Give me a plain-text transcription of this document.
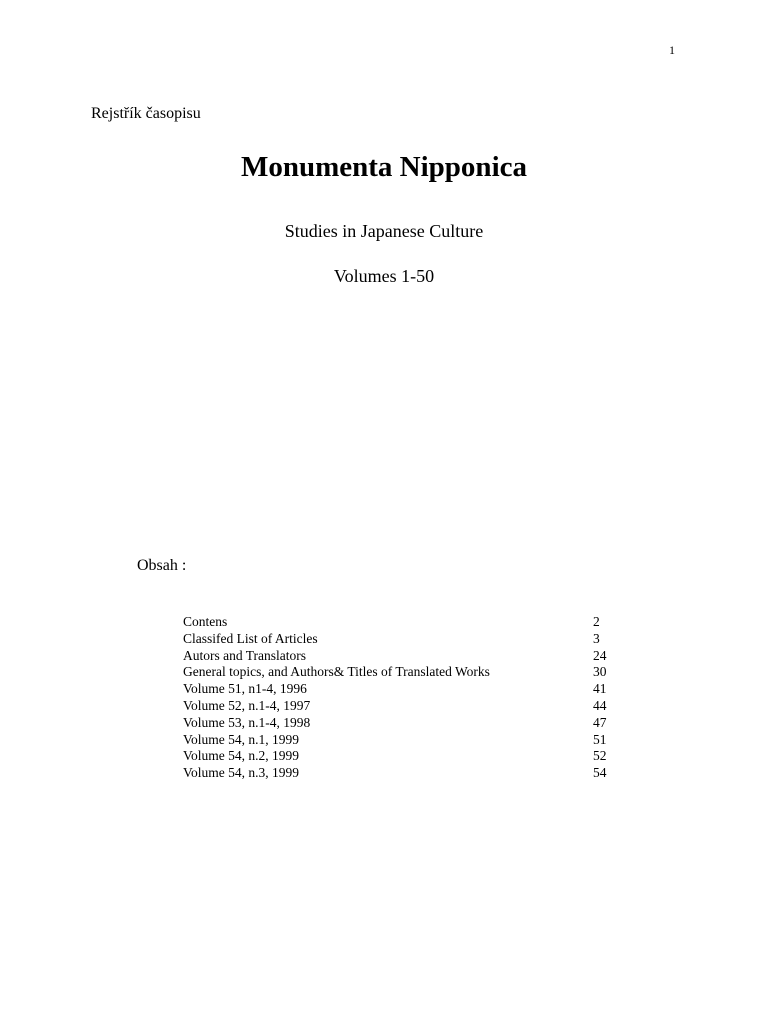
1
Rejstřík časopisu
Monumenta Nipponica
Studies in Japanese Culture
Volumes 1-50
Obsah :
Contens	2
Classifed List of Articles	3
Autors and Translators	24
General topics, and Authors& Titles of Translated Works	30
Volume 51, n1-4, 1996	41
Volume 52, n.1-4, 1997	44
Volume 53, n.1-4, 1998	47
Volume 54, n.1, 1999	51
Volume 54, n.2, 1999	52
Volume 54, n.3, 1999	54
